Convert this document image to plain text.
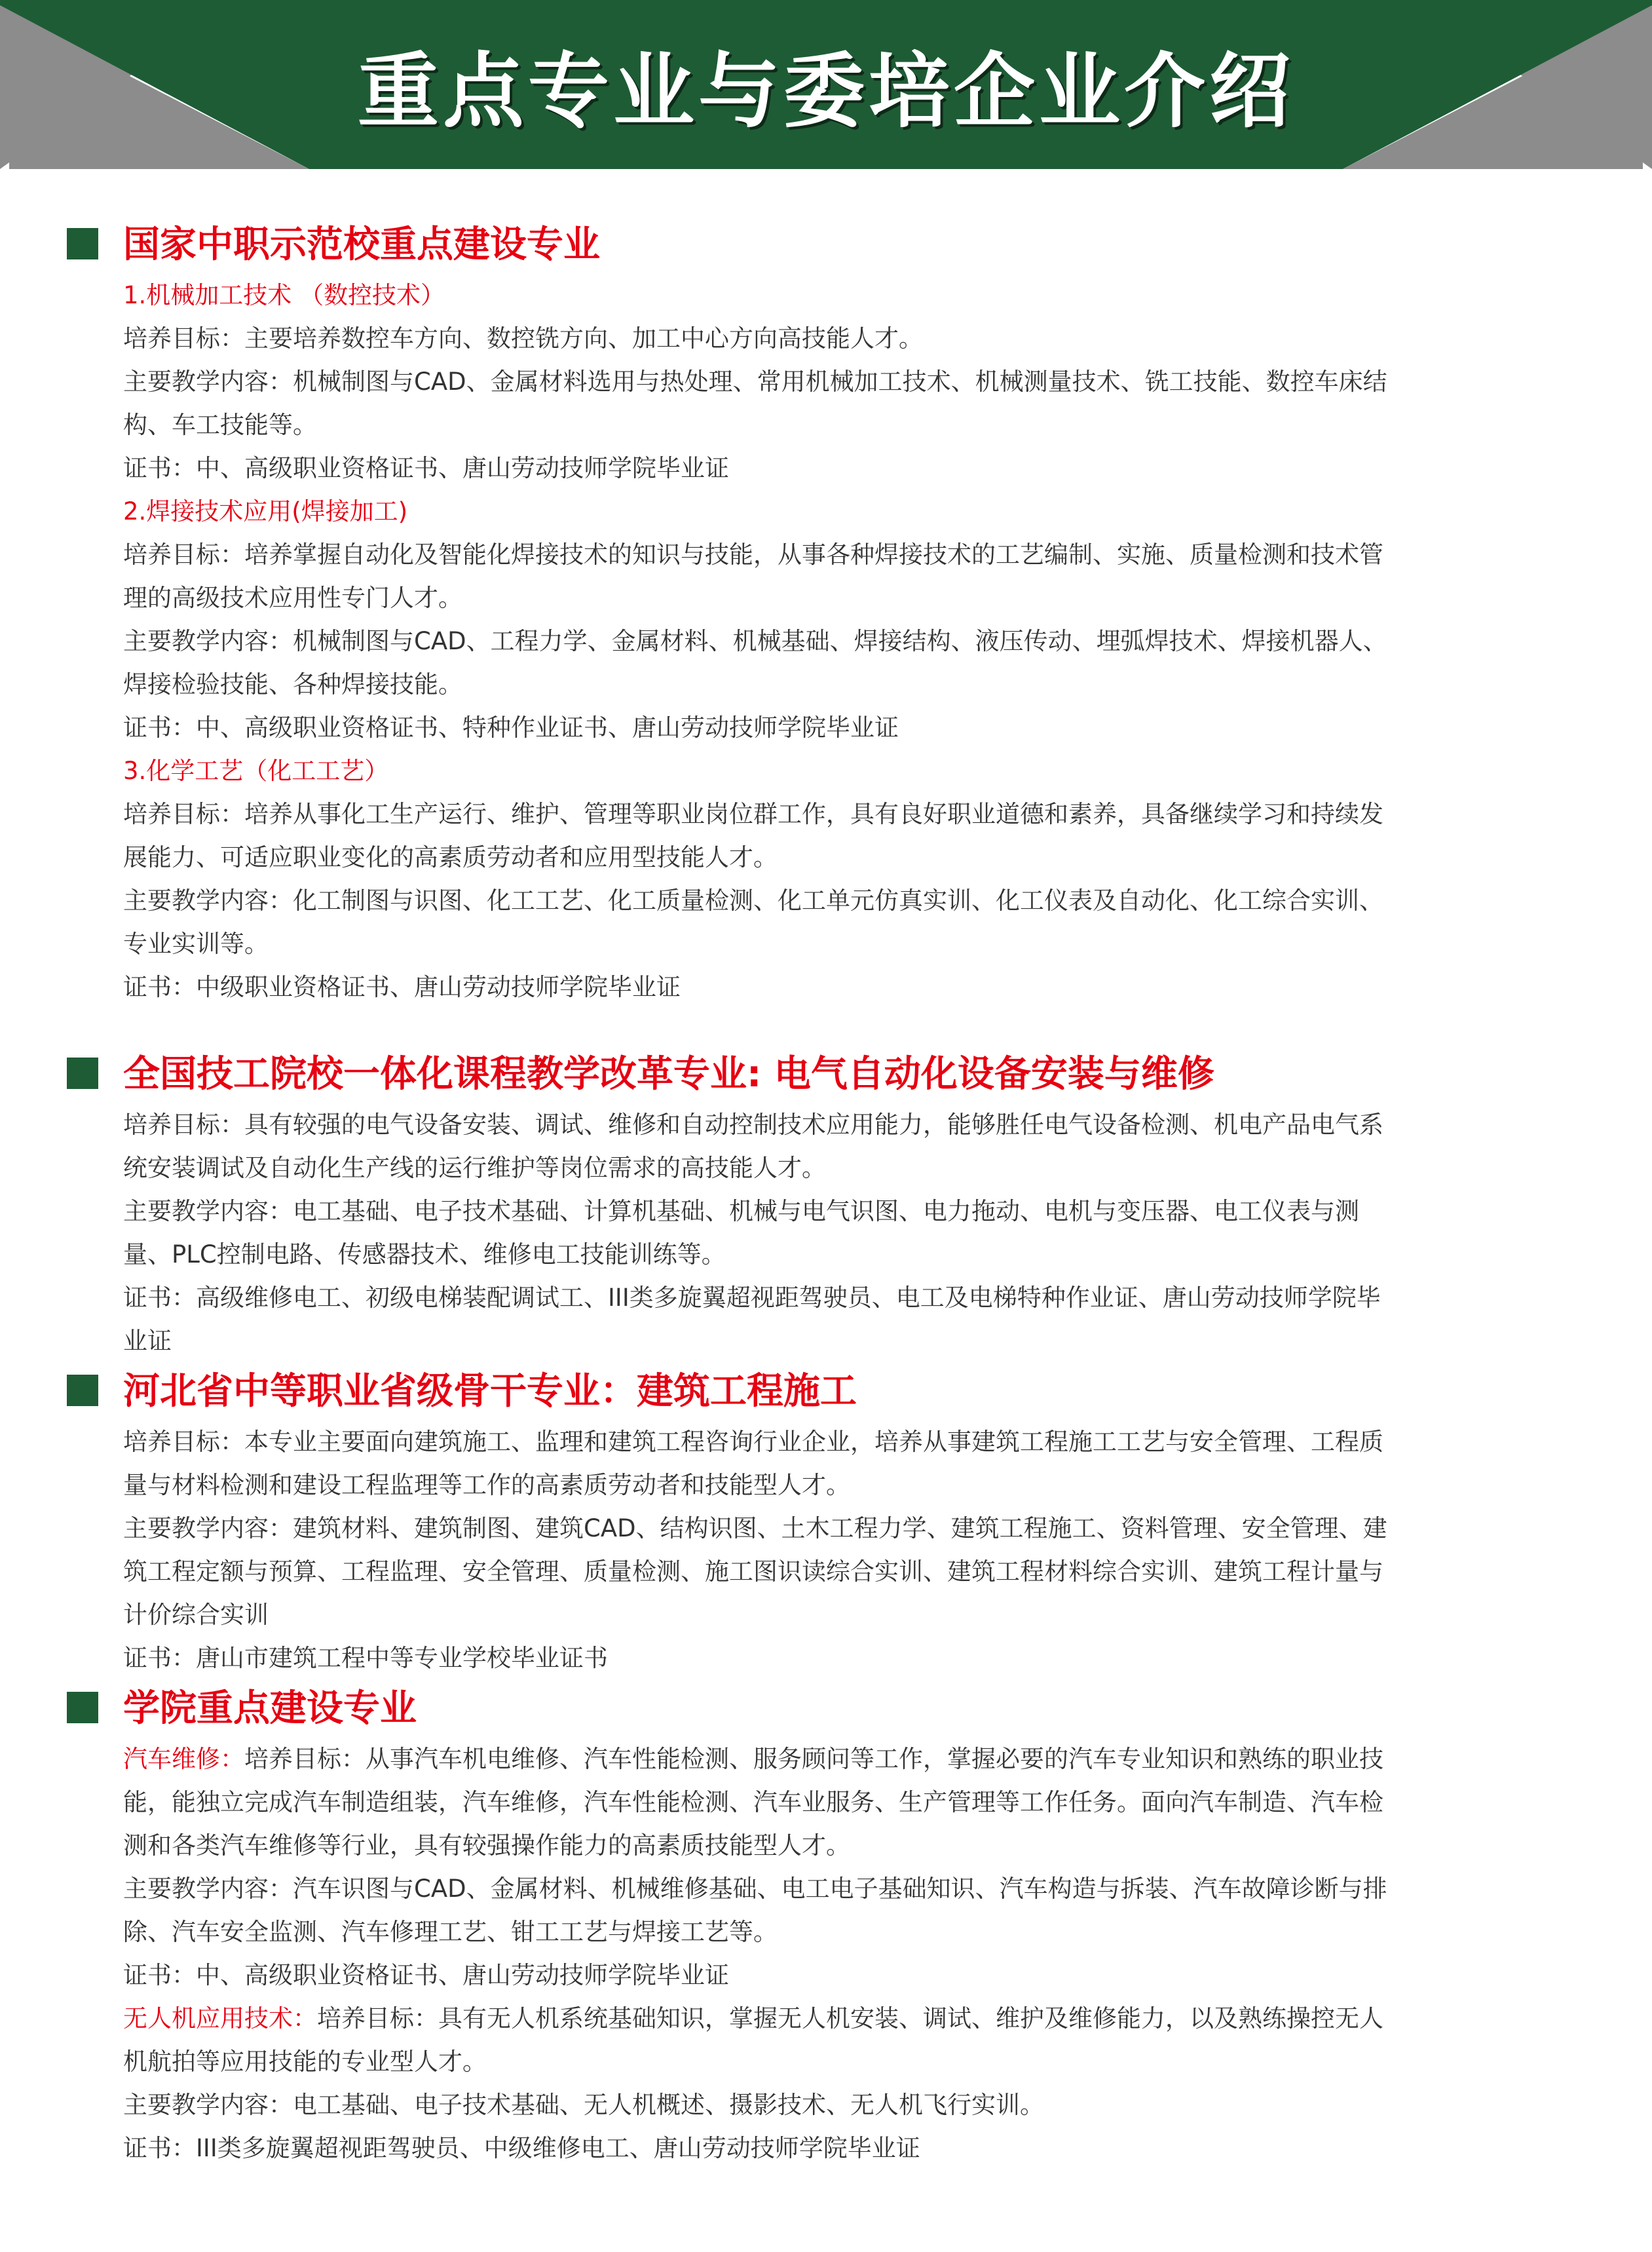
重点专业与委培企业介绍
国家中职示范校重点建设专业
1.机械加工技术 （数控技术）
培养目标：主要培养数控车方向、数控铣方向、加工中心方向高技能人才。
主要教学内容：机械制图与CAD、金属材料选用与热处理、常用机械加工技术、机械测量技术、铣工技能、数控车床结
构、车工技能等。
证书：中、高级职业资格证书、唐山劳动技师学院毕业证
2.焊接技术应用(焊接加工)
培养目标：培养掌握自动化及智能化焊接技术的知识与技能，从事各种焊接技术的工艺编制、实施、质量检测和技术管
理的高级技术应用性专门人才。
主要教学内容：机械制图与CAD、工程力学、金属材料、机械基础、焊接结构、液压传动、埋弧焊技术、焊接机器人、
焊接检验技能、各种焊接技能。
证书：中、高级职业资格证书、特种作业证书、唐山劳动技师学院毕业证
3.化学工艺（化工工艺）
培养目标：培养从事化工生产运行、维护、管理等职业岗位群工作，具有良好职业道德和素养，具备继续学习和持续发
展能力、可适应职业变化的高素质劳动者和应用型技能人才。
主要教学内容：化工制图与识图、化工工艺、化工质量检测、化工单元仿真实训、化工仪表及自动化、化工综合实训、
专业实训等。
证书：中级职业资格证书、唐山劳动技师学院毕业证
全国技工院校一体化课程教学改革专业: 电气自动化设备安装与维修
培养目标：具有较强的电气设备安装、调试、维修和自动控制技术应用能力，能够胜任电气设备检测、机电产品电气系
统安装调试及自动化生产线的运行维护等岗位需求的高技能人才。
主要教学内容：电工基础、电子技术基础、计算机基础、机械与电气识图、电力拖动、电机与变压器、电工仪表与测
量、PLC控制电路、传感器技术、维修电工技能训练等。
证书：高级维修电工、初级电梯装配调试工、III类多旋翼超视距驾驶员、电工及电梯特种作业证、唐山劳动技师学院毕
业证
河北省中等职业省级骨干专业：建筑工程施工
培养目标：本专业主要面向建筑施工、监理和建筑工程咨询行业企业，培养从事建筑工程施工工艺与安全管理、工程质
量与材料检测和建设工程监理等工作的高素质劳动者和技能型人才。
主要教学内容：建筑材料、建筑制图、建筑CAD、结构识图、土木工程力学、建筑工程施工、资料管理、安全管理、建
筑工程定额与预算、工程监理、安全管理、质量检测、施工图识读综合实训、建筑工程材料综合实训、建筑工程计量与
计价综合实训
证书：唐山市建筑工程中等专业学校毕业证书
学院重点建设专业
汽车维修：培养目标：从事汽车机电维修、汽车性能检测、服务顾问等工作，掌握必要的汽车专业知识和熟练的职业技
能，能独立完成汽车制造组装，汽车维修，汽车性能检测、汽车业服务、生产管理等工作任务。面向汽车制造、汽车检
测和各类汽车维修等行业，具有较强操作能力的高素质技能型人才。
主要教学内容：汽车识图与CAD、金属材料、机械维修基础、电工电子基础知识、汽车构造与拆装、汽车故障诊断与排
除、汽车安全监测、汽车修理工艺、钳工工艺与焊接工艺等。
证书：中、高级职业资格证书、唐山劳动技师学院毕业证
无人机应用技术：培养目标：具有无人机系统基础知识，掌握无人机安装、调试、维护及维修能力，以及熟练操控无人
机航拍等应用技能的专业型人才。
主要教学内容：电工基础、电子技术基础、无人机概述、摄影技术、无人机飞行实训。
证书：III类多旋翼超视距驾驶员、中级维修电工、唐山劳动技师学院毕业证
